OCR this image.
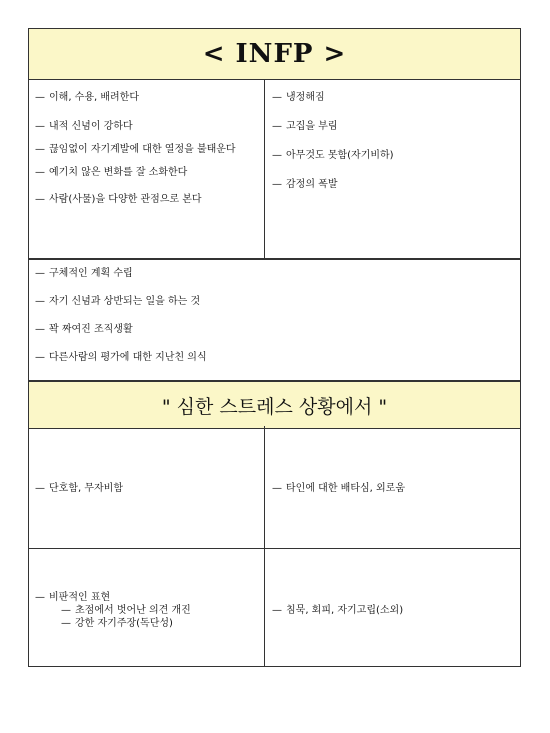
< INFP >
— 이해, 수용, 배려한다
— 내적 신념이 강하다
— 끊임없이 자기계발에 대한 열정을 불태운다
— 예기치 않은 변화를 잘 소화한다
— 사람(사물)을 다양한 관점으로 본다
— 냉정해짐
— 고집을 부림
— 아무것도 못함(자기비하)
— 감정의 폭발
— 구체적인 계획 수립
— 자기 신념과 상반되는 일을 하는 것
— 꽉 짜여진 조직생활
— 다른사람의 평가에 대한 지난친 의식
" 심한 스트레스 상황에서 "
— 단호함, 무자비함	— 타인에 대한 배타심, 외로움
— 비판적인 표현
— 초점에서 벗어난 의견 개진
— 강한 자기주장(독단성)
— 침묵, 회피, 자기고립(소외)
